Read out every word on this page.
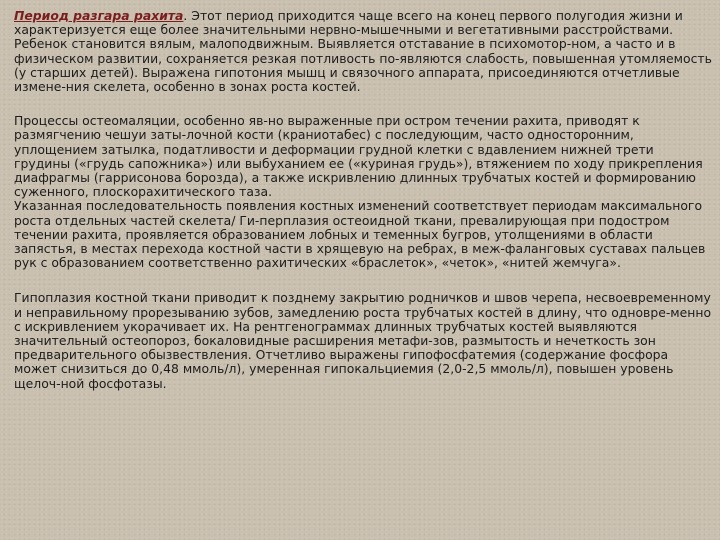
Период разгара рахита. Этот период приходится чаще всего на конец первого полугодия жизни и характеризуется еще более значительными нервно-мышечными и вегетативными расстройствами. Ребенок становится вялым, малоподвижным. Выявляется отставание в психомотор-ном, а часто и в физическом развитии, сохраняется резкая потливость по-являются слабость, повышенная утомляемость (у старших детей). Выражена гипотония мышц и связочного аппарата, присоединяются отчетливые измене-ния скелета, особенно в зонах роста костей.

Процессы остеомаляции, особенно яв-но выраженные при остром течении рахита, приводят к размягчению чешуи заты-лочной кости (краниотабес) с последующим, часто односторонним, уплощением затылка, податливости и деформации грудной клетки с вдавлением нижней трети грудины («грудь сапожника») или выбуханием ее («куриная грудь»), втяжением по ходу прикрепления диафрагмы (гаррисонова борозда), а также искривлению длинных трубчатых костей и формированию суженного, плоскорахитического таза.

Указанная последовательность появления костных изменений соответствует периодам максимального роста отдельных частей скелета/ Ги-перплазия остеоидной ткани, превалирующая при подостром течении рахита, проявляется образованием лобных и теменных бугров, утолщениями в области запястья, в местах перехода костной части в хрящевую на ребрах, в меж-фаланговых суставах пальцев рук с образованием соответственно рахитических «браслеток», «четок», «нитей жемчуга».

Гипоплазия костной ткани приводит к позднему закрытию родничков и швов черепа, несвоевременному и неправильному прорезыванию зубов, замедлению роста трубчатых костей в длину, что одновре-менно с искривлением укорачивает их. На рентгенограммах длинных трубчатых костей выявляются значительный остеопороз, бокаловидные расширения метафи-зов, размытость и нечеткость зон предварительного обызвествления. Отчетливо выражены гипофосфатемия (содержание фосфора может снизиться до 0,48 ммоль/л), умеренная гипокальциемия (2,0-2,5 ммоль/л), повышен уровень щелоч-ной фосфотазы.
